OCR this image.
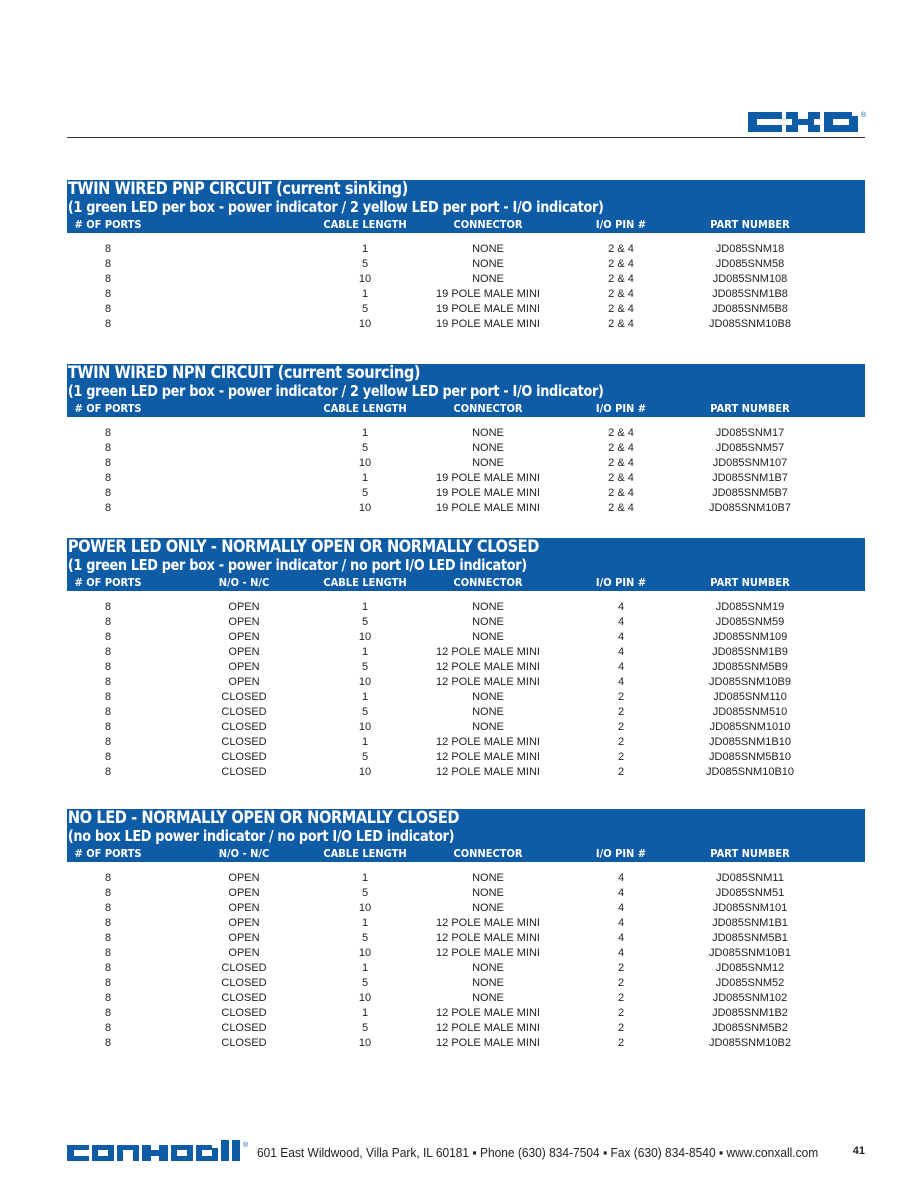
®
TWIN WIRED PNP CIRCUIT (current sinking)
(1 green LED per box - power indicator / 2 yellow LED per port - I/O indicator)
# OF PORTS	CABLE LENGTH	CONNECTOR	I/O PIN #	PART NUMBER
8	1	NONE	2 & 4	JD085SNM18
8	5	NONE	2 & 4	JD085SNM58
8	10	NONE	2 & 4	JD085SNM108
8	1	19 POLE MALE MINI	2 & 4	JD085SNM1B8
8	5	19 POLE MALE MINI	2 & 4	JD085SNM5B8
8	10	19 POLE MALE MINI	2 & 4	JD085SNM10B8
TWIN WIRED NPN CIRCUIT (current sourcing)
(1 green LED per box - power indicator / 2 yellow LED per port - I/O indicator)
# OF PORTS	CABLE LENGTH	CONNECTOR	I/O PIN #	PART NUMBER
8	1	NONE	2 & 4	JD085SNM17
8	5	NONE	2 & 4	JD085SNM57
8	10	NONE	2 & 4	JD085SNM107
8	1	19 POLE MALE MINI	2 & 4	JD085SNM1B7
8	5	19 POLE MALE MINI	2 & 4	JD085SNM5B7
8	10	19 POLE MALE MINI	2 & 4	JD085SNM10B7
POWER LED ONLY - NORMALLY OPEN OR NORMALLY CLOSED
(1 green LED per box - power indicator / no port I/O LED indicator)
# OF PORTS	N/O - N/C	CABLE LENGTH	CONNECTOR	I/O PIN #	PART NUMBER
8	OPEN	1	NONE	4	JD085SNM19
8	OPEN	5	NONE	4	JD085SNM59
8	OPEN	10	NONE	4	JD085SNM109
8	OPEN	1	12 POLE MALE MINI	4	JD085SNM1B9
8	OPEN	5	12 POLE MALE MINI	4	JD085SNM5B9
8	OPEN	10	12 POLE MALE MINI	4	JD085SNM10B9
8	CLOSED	1	NONE	2	JD085SNM110
8	CLOSED	5	NONE	2	JD085SNM510
8	CLOSED	10	NONE	2	JD085SNM1010
8	CLOSED	1	12 POLE MALE MINI	2	JD085SNM1B10
8	CLOSED	5	12 POLE MALE MINI	2	JD085SNM5B10
8	CLOSED	10	12 POLE MALE MINI	2	JD085SNM10B10
NO LED - NORMALLY OPEN OR NORMALLY CLOSED
(no box LED power indicator / no port I/O LED indicator)
# OF PORTS	N/O - N/C	CABLE LENGTH	CONNECTOR	I/O PIN #	PART NUMBER
8	OPEN	1	NONE	4	JD085SNM11
8	OPEN	5	NONE	4	JD085SNM51
8	OPEN	10	NONE	4	JD085SNM101
8	OPEN	1	12 POLE MALE MINI	4	JD085SNM1B1
8	OPEN	5	12 POLE MALE MINI	4	JD085SNM5B1
8	OPEN	10	12 POLE MALE MINI	4	JD085SNM10B1
8	CLOSED	1	NONE	2	JD085SNM12
8	CLOSED	5	NONE	2	JD085SNM52
8	CLOSED	10	NONE	2	JD085SNM102
8	CLOSED	1	12 POLE MALE MINI	2	JD085SNM1B2
8	CLOSED	5	12 POLE MALE MINI	2	JD085SNM5B2
8	CLOSED	10	12 POLE MALE MINI	2	JD085SNM10B2
® 601 East Wildwood, Villa Park, IL 60181 ▪ Phone (630) 834-7504 ▪ Fax (630) 834-8540 ▪ www.conxall.com	41
